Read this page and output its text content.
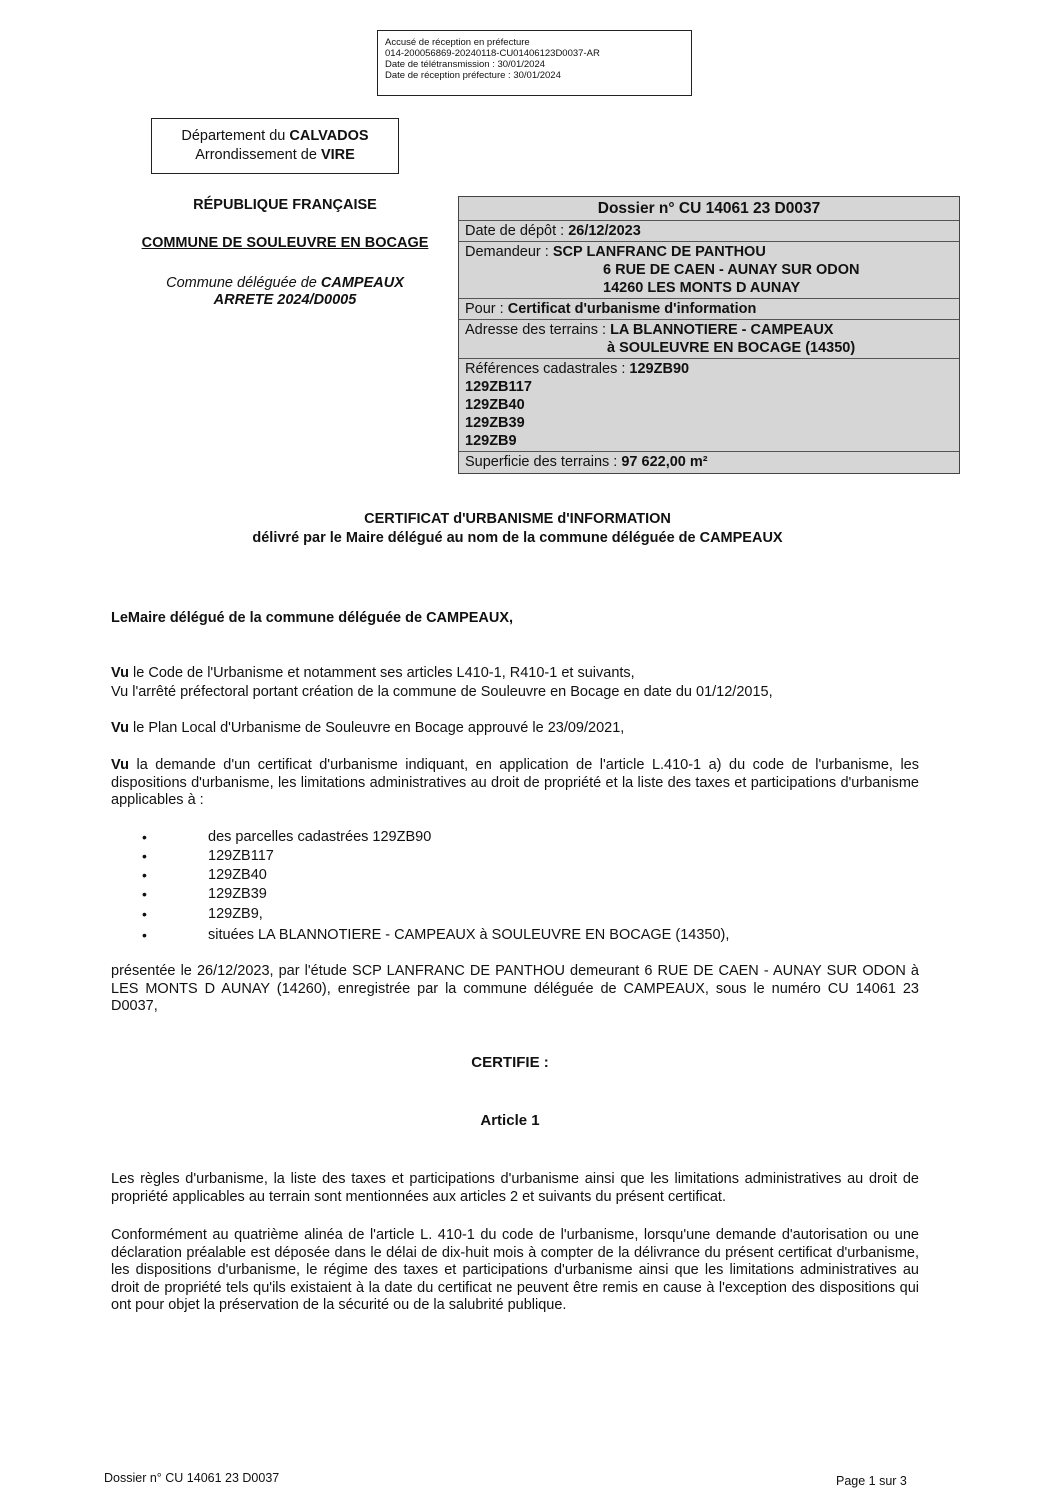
Accusé de réception en préfecture
014-200056869-20240118-CU01406123D0037-AR
Date de télétransmission : 30/01/2024
Date de réception préfecture : 30/01/2024
Département du CALVADOS
Arrondissement de VIRE
RÉPUBLIQUE FRANÇAISE
COMMUNE DE SOULEUVRE EN BOCAGE
Commune déléguée de CAMPEAUX
ARRETE 2024/D0005
Dossier n° CU 14061 23 D0037
Date de dépôt : 26/12/2023
Demandeur : SCP LANFRANC DE PANTHOU
6 RUE DE CAEN - AUNAY SUR ODON
14260 LES MONTS D AUNAY
Pour : Certificat d'urbanisme d'information
Adresse des terrains : LA BLANNOTIERE - CAMPEAUX
à SOULEUVRE EN BOCAGE (14350)
Références cadastrales : 129ZB90
129ZB117
129ZB40
129ZB39
129ZB9
Superficie des terrains : 97 622,00 m²
CERTIFICAT d'URBANISME d'INFORMATION
délivré par le Maire délégué au nom de la commune déléguée de CAMPEAUX
LeMaire délégué de la commune déléguée de CAMPEAUX,
Vu le Code de l'Urbanisme et notamment ses articles L410-1, R410-1 et suivants,
Vu l'arrêté préfectoral portant création de la commune de Souleuvre en Bocage en date du 01/12/2015,
Vu le Plan Local d'Urbanisme de Souleuvre en Bocage approuvé le 23/09/2021,
Vu la demande d'un certificat d'urbanisme indiquant, en application de l'article L.410-1 a) du code de l'urbanisme, les dispositions d'urbanisme, les limitations administratives au droit de propriété et la liste des taxes et participations d'urbanisme applicables à :
•	des parcelles cadastrées 129ZB90
•	129ZB117
•	129ZB40
•	129ZB39
•	129ZB9,
•	situées LA BLANNOTIERE - CAMPEAUX à SOULEUVRE EN BOCAGE (14350),
présentée le 26/12/2023, par l'étude SCP LANFRANC DE PANTHOU demeurant 6 RUE DE CAEN - AUNAY SUR ODON à LES MONTS D AUNAY (14260), enregistrée par la commune déléguée de CAMPEAUX, sous le numéro CU 14061 23 D0037,
CERTIFIE :
Article 1
Les règles d'urbanisme, la liste des taxes et participations d'urbanisme ainsi que les limitations administratives au droit de propriété applicables au terrain sont mentionnées aux articles 2 et suivants du présent certificat.
Conformément au quatrième alinéa de l'article L. 410-1 du code de l'urbanisme, lorsqu'une demande d'autorisation ou une déclaration préalable est déposée dans le délai de dix-huit mois à compter de la délivrance du présent certificat d'urbanisme, les dispositions d'urbanisme, le régime des taxes et participations d'urbanisme ainsi que les limitations administratives au droit de propriété tels qu'ils existaient à la date du certificat ne peuvent être remis en cause à l'exception des dispositions qui ont pour objet la préservation de la sécurité ou de la salubrité publique.
Dossier n° CU 14061 23 D0037	Page 1 sur 3
